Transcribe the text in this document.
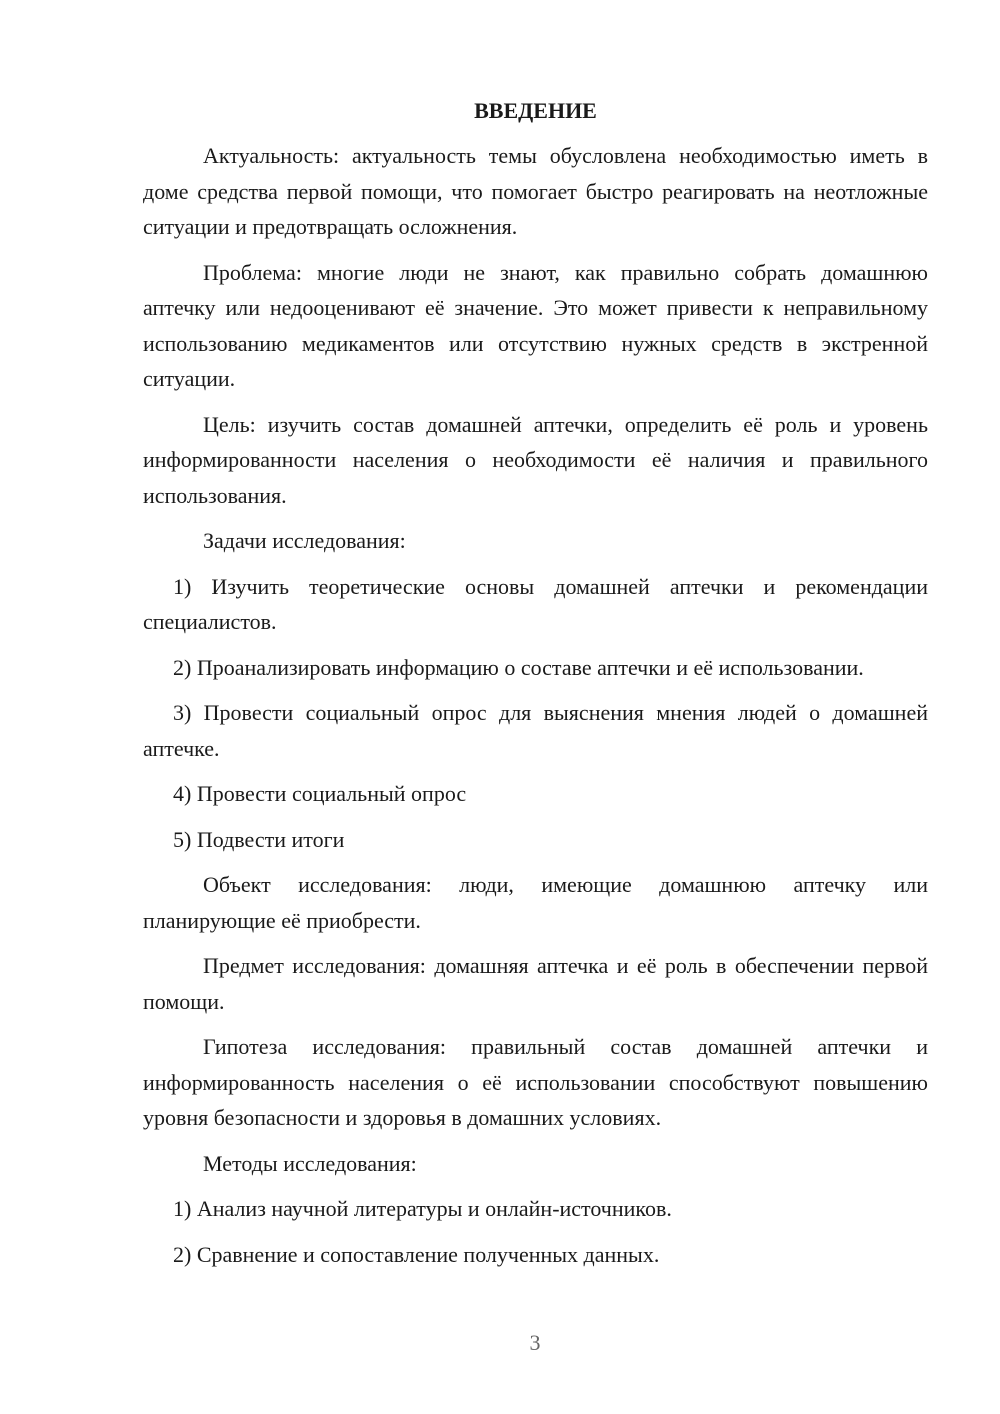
ВВЕДЕНИЕ

Актуальность: актуальность темы обусловлена необходимостью иметь в доме средства первой помощи, что помогает быстро реагировать на неотложные ситуации и предотвращать осложнения.

Проблема: многие люди не знают, как правильно собрать домашнюю аптечку или недооценивают её значение. Это может привести к неправильному использованию медикаментов или отсутствию нужных средств в экстренной ситуации.

Цель: изучить состав домашней аптечки, определить её роль и уровень информированности населения о необходимости её наличия и правильного использования.

Задачи исследования:

1) Изучить теоретические основы домашней аптечки и рекомендации специалистов.

2) Проанализировать информацию о составе аптечки и её использовании.

3) Провести социальный опрос для выяснения мнения людей о домашней аптечке.

4) Провести социальный опрос

5) Подвести итоги

Объект исследования: люди, имеющие домашнюю аптечку или планирующие её приобрести.

Предмет исследования: домашняя аптечка и её роль в обеспечении первой помощи.

Гипотеза исследования: правильный состав домашней аптечки и информированность населения о её использовании способствуют повышению уровня безопасности и здоровья в домашних условиях.

Методы исследования:

1) Анализ научной литературы и онлайн-источников.

2) Сравнение и сопоставление полученных данных.

3
